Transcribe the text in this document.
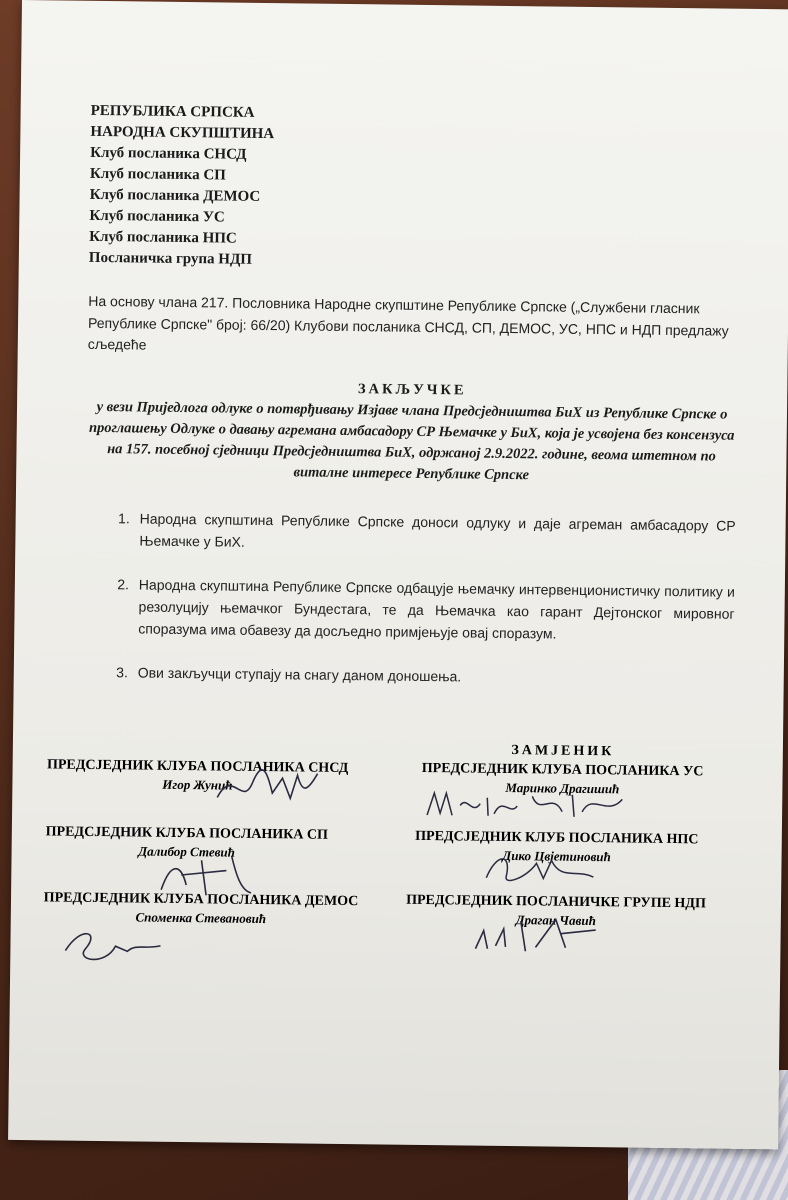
РЕПУБЛИКА СРПСКА
НАРОДНА СКУПШТИНА
Клуб посланика СНСД
Клуб посланика СП
Клуб посланика ДЕМОС
Клуб посланика УС
Клуб посланика НПС
Посланичка група НДП
На основу члана 217. Пословника Народне скупштине Републике Српске („Службени гласник Републике Српске" број: 66/20) Клубови посланика СНСД, СП, ДЕМОС, УС, НПС и НДП предлажу сљедеће
ЗАКЉУЧКЕ
у вези Приједлога одлуке о потврђивању Изјаве члана Предсједништва БиХ из Републике Српске о проглашењу Одлуке о давању агремана амбасадору СР Њемачке у БиХ, која је усвојена без консензуса на 157. посебној сједници Предсједништва БиХ, одржаној 2.9.2022. године, веома штетном по виталне интересе Републике Српске
1. Народна скупштина Републике Српске доноси одлуку и даје агреман амбасадору СР Њемачке у БиХ.
2. Народна скупштина Републике Српске одбацује њемачку интервенционистичку политику и резолуцију њемачког Бундестага, те да Њемачка као гарант Дејтонског мировног споразума има обавезу да досљедно примјењује овај споразум.
3. Ови закључци ступају на снагу даном доношења.
ПРЕДСЈЕДНИК КЛУБА ПОСЛАНИКА СНСД
Игор Жунић
ПРЕДСЈЕДНИК КЛУБА ПОСЛАНИКА СП
Далибор Стевић
ПРЕДСЈЕДНИК КЛУБА ПОСЛАНИКА ДЕМОС
Споменка Стевановић
ЗАМЈЕНИК
ПРЕДСЈЕДНИК КЛУБА ПОСЛАНИКА УС
Маринко Драгишић
ПРЕДСЈЕДНИК КЛУБ ПОСЛАНИКА НПС
Дико Цвјетиновић
ПРЕДСЈЕДНИК ПОСЛАНИЧКЕ ГРУПЕ НДП
Драган Чавић
